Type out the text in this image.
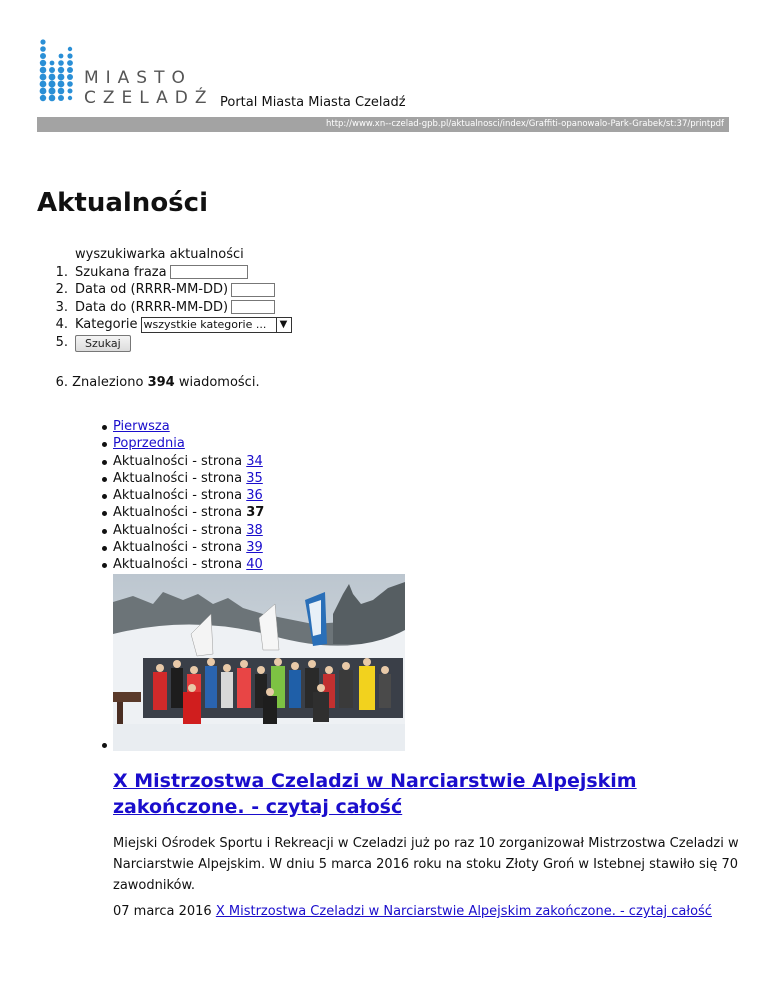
MIASTO
CZELADŹ Portal Miasta Miasta Czeladź
http://www.xn--czelad-gpb.pl/aktualnosci/index/Graffiti-opanowalo-Park-Grabek/st:37/printpdf
Aktualności
wyszukiwarka aktualności
1. Szukana fraza
2. Data od (RRRR-MM-DD)
3. Data do (RRRR-MM-DD)
4. Kategorie wszystkie kategorie ...	▼
5.	Szukaj
6. Znaleziono 394 wiadomości.
Pierwsza
Poprzednia
Aktualności - strona 34
Aktualności - strona 35
Aktualności - strona 36
Aktualności - strona 37
Aktualności - strona 38
Aktualności - strona 39
Aktualności - strona 40
X Mistrzostwa Czeladzi w Narciarstwie Alpejskim zakończone. - czytaj całość

Miejski Ośrodek Sportu i Rekreacji w Czeladzi już po raz 10 zorganizował Mistrzostwa Czeladzi w Narciarstwie Alpejskim. W dniu 5 marca 2016 roku na stoku Złoty Groń w Istebnej stawiło się 70 zawodników.

07 marca 2016 X Mistrzostwa Czeladzi w Narciarstwie Alpejskim zakończone. - czytaj całość
